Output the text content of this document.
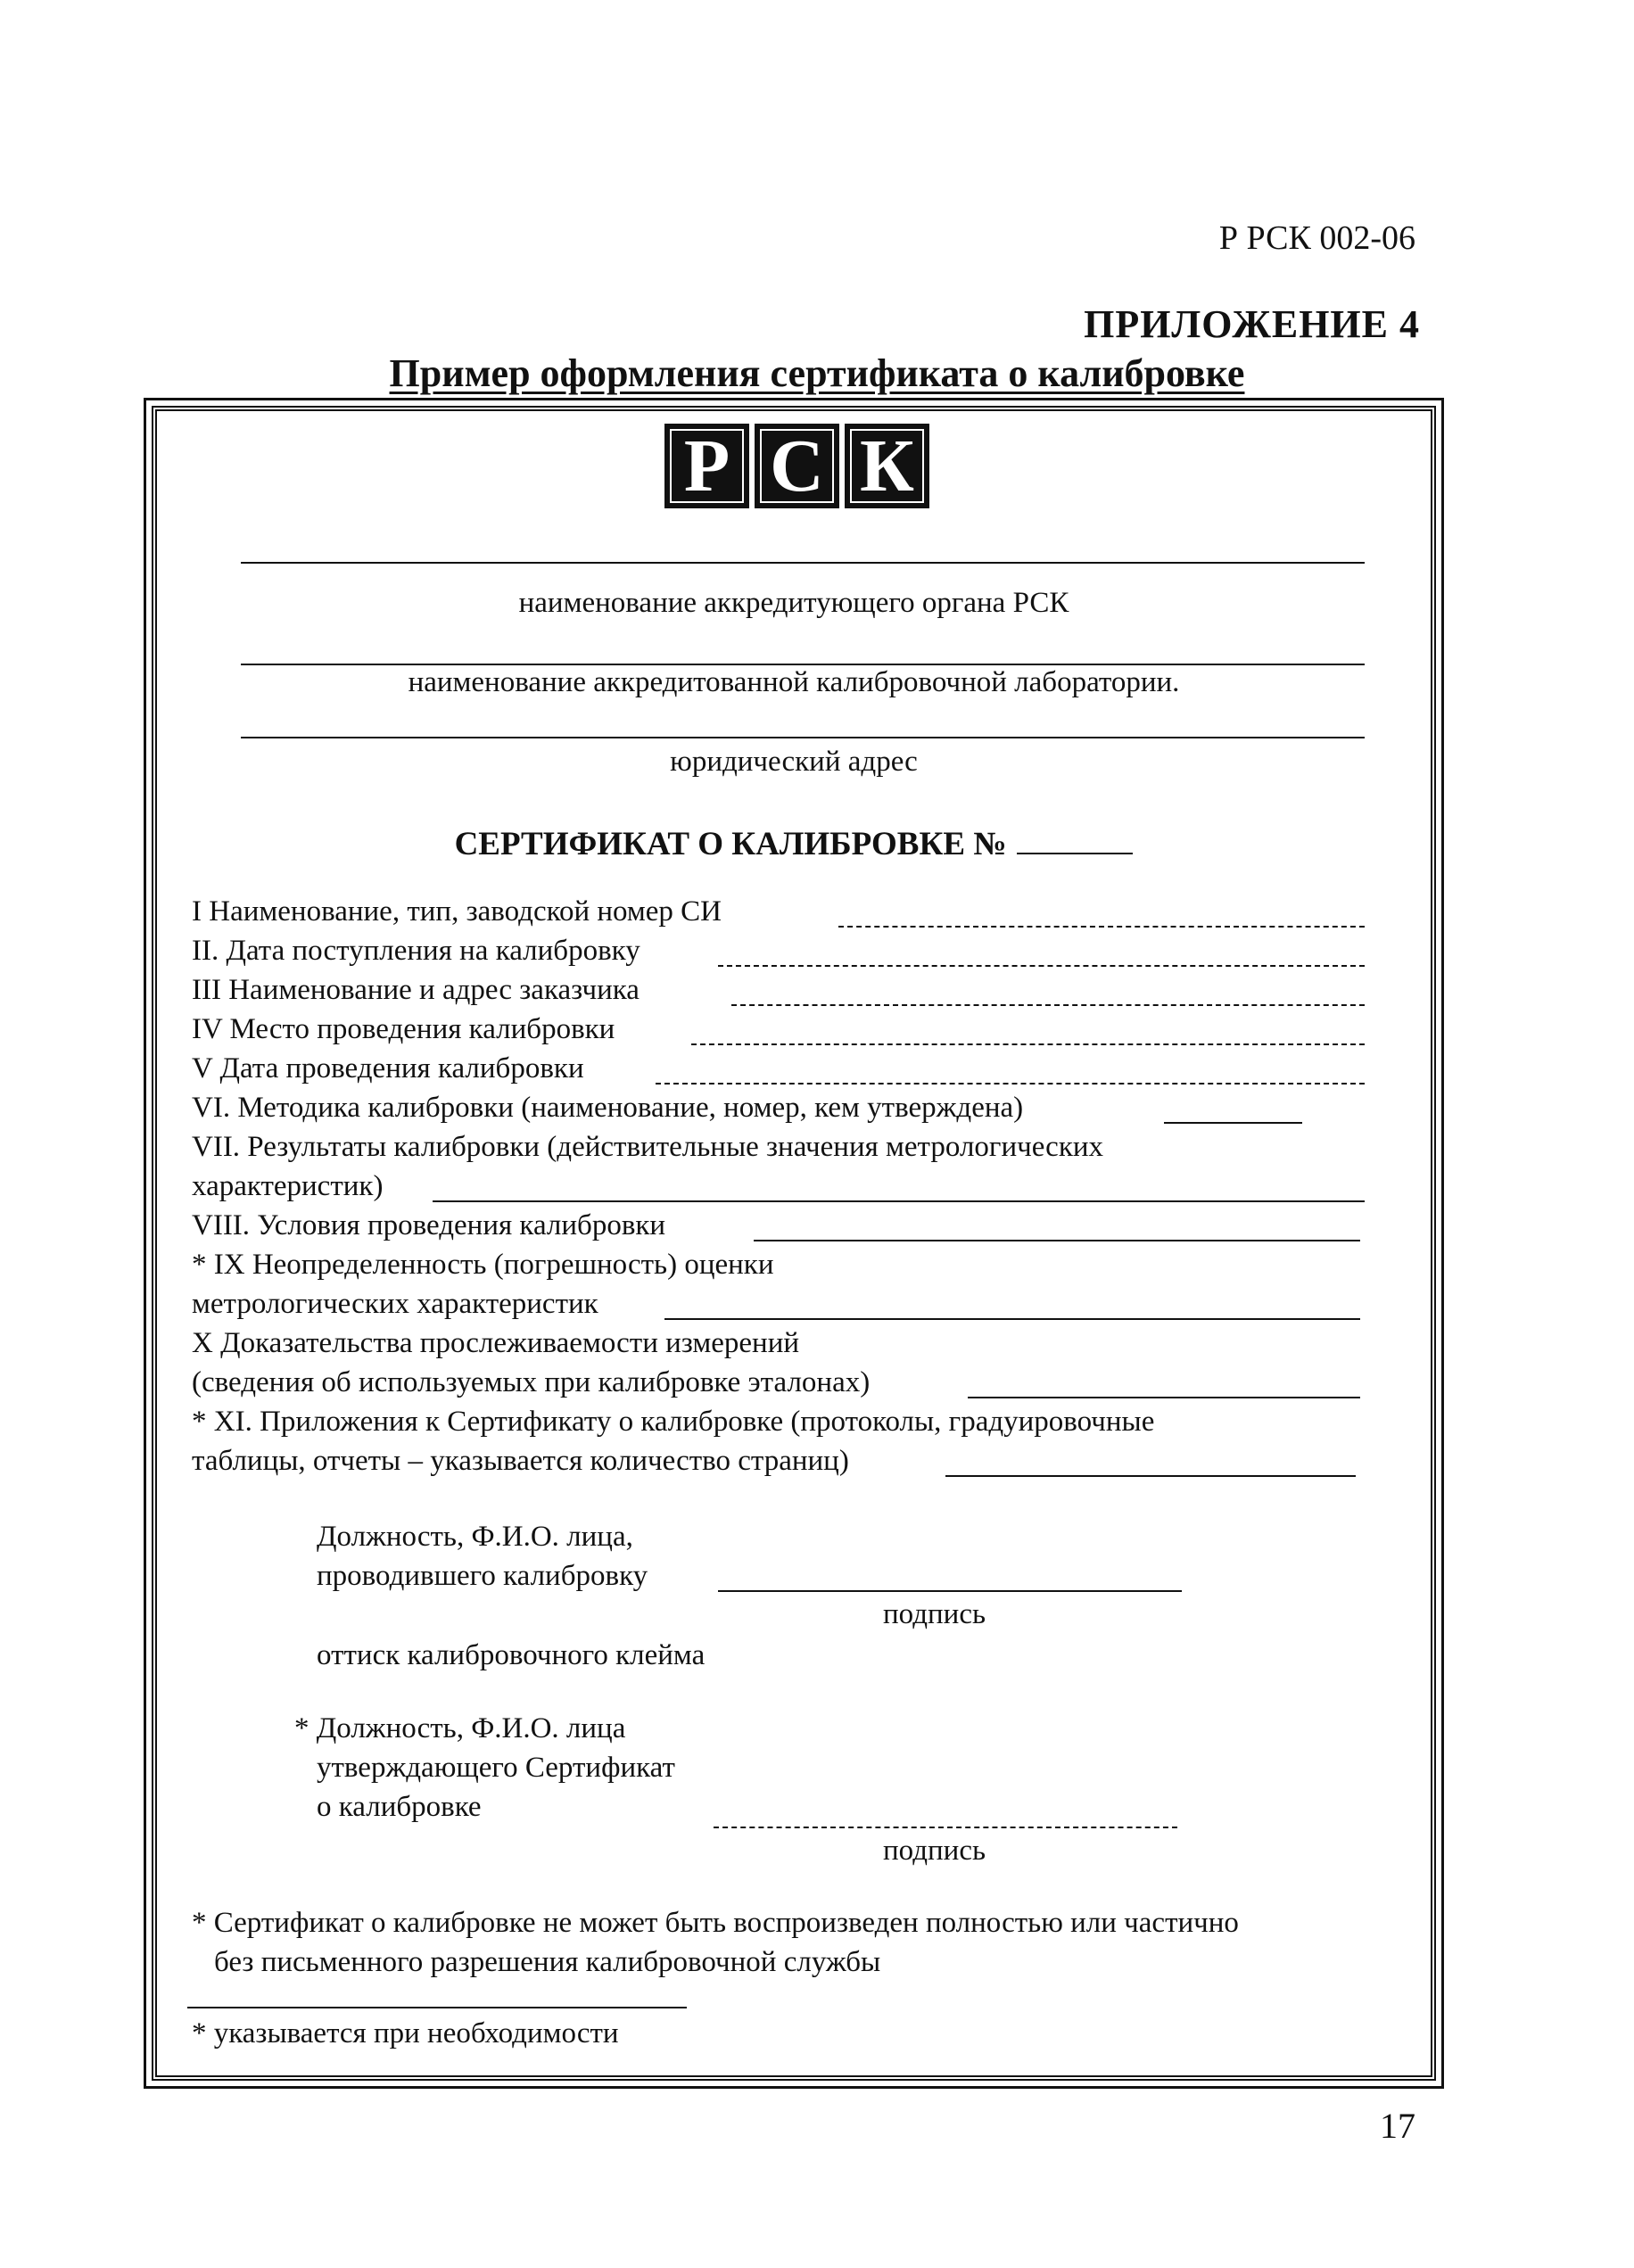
Р РСК 002-06
ПРИЛОЖЕНИЕ 4
Пример оформления сертификата о калибровке
Р С К
наименование аккредитующего органа РСК
наименование аккредитованной калибровочной лаборатории.
юридический адрес
СЕРТИФИКАТ О КАЛИБРОВКЕ №
I Наименование, тип, заводской номер СИ
II. Дата поступления на калибровку
III Наименование и адрес заказчика
IV Место проведения калибровки
V Дата проведения калибровки
VI. Методика калибровки (наименование, номер, кем утверждена)
VII. Результаты калибровки (действительные значения метрологических
характеристик)
VIII. Условия проведения калибровки
* IX Неопределенность (погрешность) оценки
метрологических характеристик
X Доказательства прослеживаемости измерений
(сведения об используемых при калибровке эталонах)
* XI. Приложения к Сертификату о калибровке (протоколы, градуировочные
таблицы, отчеты – указывается количество страниц)
Должность, Ф.И.О. лица,
проводившего калибровку
подпись
оттиск калибровочного клейма
* Должность, Ф.И.О. лица
утверждающего Сертификат
о калибровке
подпись
* Сертификат о калибровке не может быть воспроизведен полностью или частично
без письменного разрешения калибровочной службы
* указывается при необходимости
17
